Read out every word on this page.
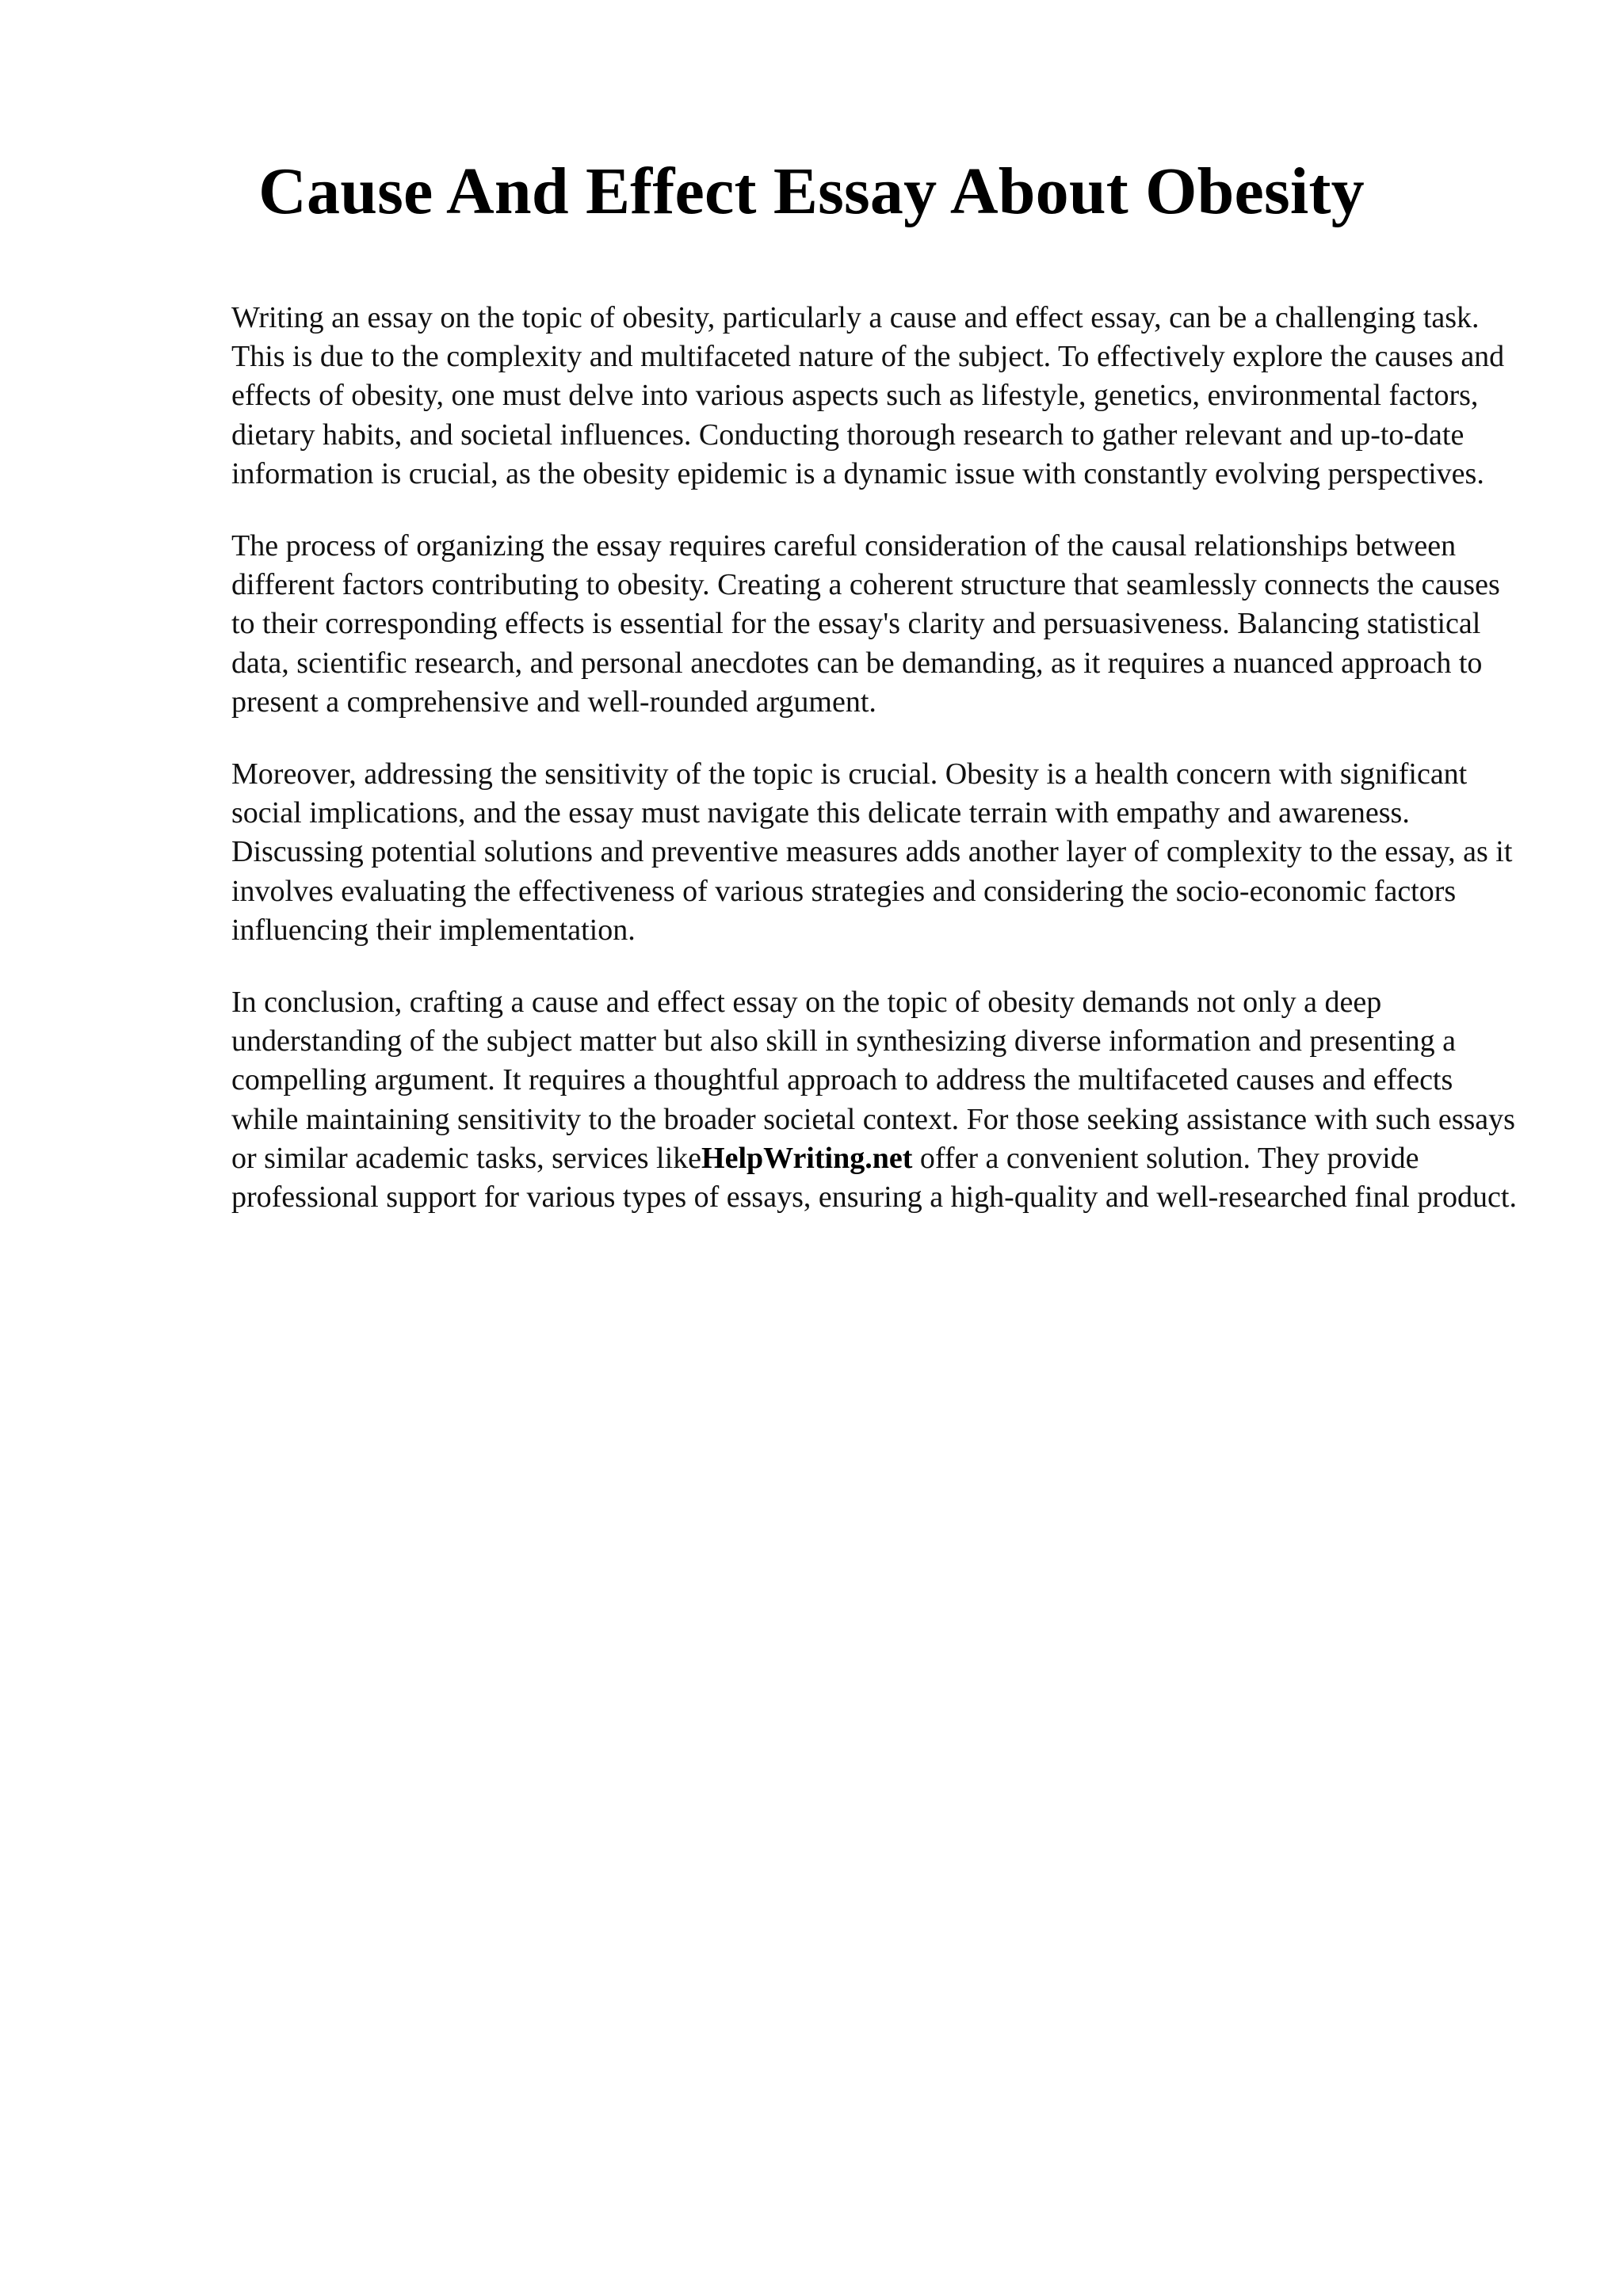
Cause And Effect Essay About Obesity

Writing an essay on the topic of obesity, particularly a cause and effect essay, can be a challenging task. This is due to the complexity and multifaceted nature of the subject. To effectively explore the causes and effects of obesity, one must delve into various aspects such as lifestyle, genetics, environmental factors, dietary habits, and societal influences. Conducting thorough research to gather relevant and up-to-date information is crucial, as the obesity epidemic is a dynamic issue with constantly evolving perspectives.

The process of organizing the essay requires careful consideration of the causal relationships between different factors contributing to obesity. Creating a coherent structure that seamlessly connects the causes to their corresponding effects is essential for the essay's clarity and persuasiveness. Balancing statistical data, scientific research, and personal anecdotes can be demanding, as it requires a nuanced approach to present a comprehensive and well-rounded argument.

Moreover, addressing the sensitivity of the topic is crucial. Obesity is a health concern with significant social implications, and the essay must navigate this delicate terrain with empathy and awareness. Discussing potential solutions and preventive measures adds another layer of complexity to the essay, as it involves evaluating the effectiveness of various strategies and considering the socio-economic factors influencing their implementation.

In conclusion, crafting a cause and effect essay on the topic of obesity demands not only a deep understanding of the subject matter but also skill in synthesizing diverse information and presenting a compelling argument. It requires a thoughtful approach to address the multifaceted causes and effects while maintaining sensitivity to the broader societal context. For those seeking assistance with such essays or similar academic tasks, services likeHelpWriting.net offer a convenient solution. They provide professional support for various types of essays, ensuring a high-quality and well-researched final product.
